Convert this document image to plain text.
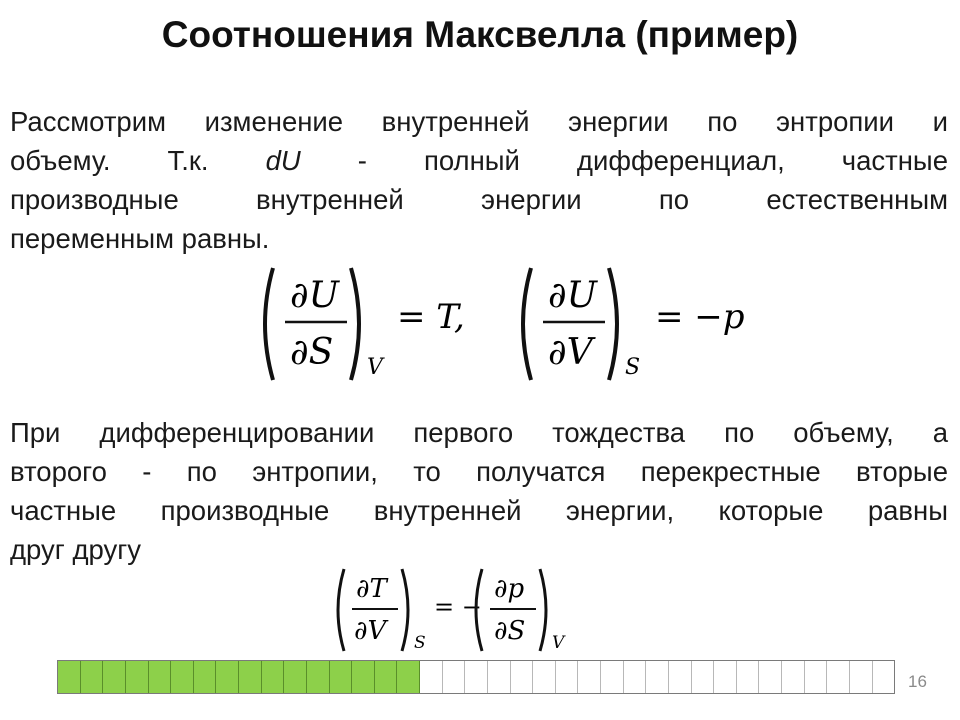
Соотношения Максвелла (пример)
Рассмотрим изменение внутренней энергии по энтропии и
объему. Т.к. dU - полный дифференциал, частные
производные внутренней энергии по естественным
переменным равны.
∂U
∂S V
= T,
∂U
∂V S
= −p
При дифференцировании первого тождества по объему, а
второго - по энтропии, то получатся перекрестные вторые
частные производные внутренней энергии, которые равны
друг другу
∂T
∂V S
= −
∂p
∂S V
16
